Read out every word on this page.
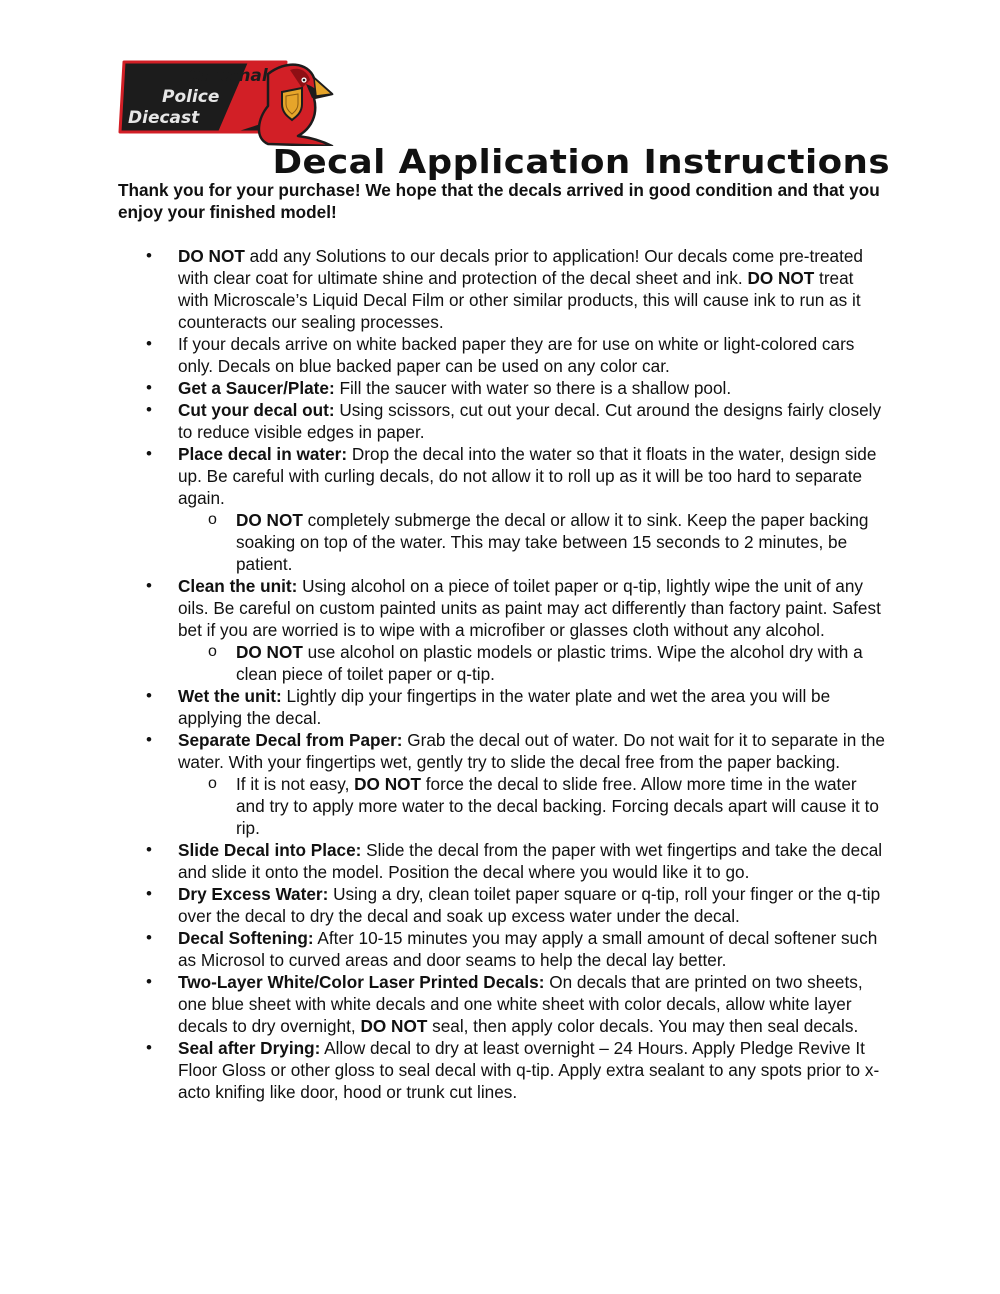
Cardinal
Police
Diecast
Decal Application Instructions

Thank you for your purchase! We hope that the decals arrived in good condition and that you enjoy your finished model!

• DO NOT add any Solutions to our decals prior to application! Our decals come pre-treated with clear coat for ultimate shine and protection of the decal sheet and ink. DO NOT treat with Microscale’s Liquid Decal Film or other similar products, this will cause ink to run as it counteracts our sealing processes.
• If your decals arrive on white backed paper they are for use on white or light-colored cars only. Decals on blue backed paper can be used on any color car.
• Get a Saucer/Plate: Fill the saucer with water so there is a shallow pool.
• Cut your decal out: Using scissors, cut out your decal. Cut around the designs fairly closely to reduce visible edges in paper.
• Place decal in water: Drop the decal into the water so that it floats in the water, design side up. Be careful with curling decals, do not allow it to roll up as it will be too hard to separate again.
o DO NOT completely submerge the decal or allow it to sink. Keep the paper backing soaking on top of the water. This may take between 15 seconds to 2 minutes, be patient.
• Clean the unit: Using alcohol on a piece of toilet paper or q-tip, lightly wipe the unit of any oils. Be careful on custom painted units as paint may act differently than factory paint. Safest bet if you are worried is to wipe with a microfiber or glasses cloth without any alcohol.
o DO NOT use alcohol on plastic models or plastic trims. Wipe the alcohol dry with a clean piece of toilet paper or q-tip.
• Wet the unit: Lightly dip your fingertips in the water plate and wet the area you will be applying the decal.
• Separate Decal from Paper: Grab the decal out of water. Do not wait for it to separate in the water. With your fingertips wet, gently try to slide the decal free from the paper backing.
o If it is not easy, DO NOT force the decal to slide free. Allow more time in the water and try to apply more water to the decal backing. Forcing decals apart will cause it to rip.
• Slide Decal into Place: Slide the decal from the paper with wet fingertips and take the decal and slide it onto the model. Position the decal where you would like it to go.
• Dry Excess Water: Using a dry, clean toilet paper square or q-tip, roll your finger or the q-tip over the decal to dry the decal and soak up excess water under the decal.
• Decal Softening: After 10-15 minutes you may apply a small amount of decal softener such as Microsol to curved areas and door seams to help the decal lay better.
• Two-Layer White/Color Laser Printed Decals: On decals that are printed on two sheets, one blue sheet with white decals and one white sheet with color decals, allow white layer decals to dry overnight, DO NOT seal, then apply color decals. You may then seal decals.
• Seal after Drying: Allow decal to dry at least overnight – 24 Hours. Apply Pledge Revive It Floor Gloss or other gloss to seal decal with q-tip. Apply extra sealant to any spots prior to x-acto knifing like door, hood or trunk cut lines.
